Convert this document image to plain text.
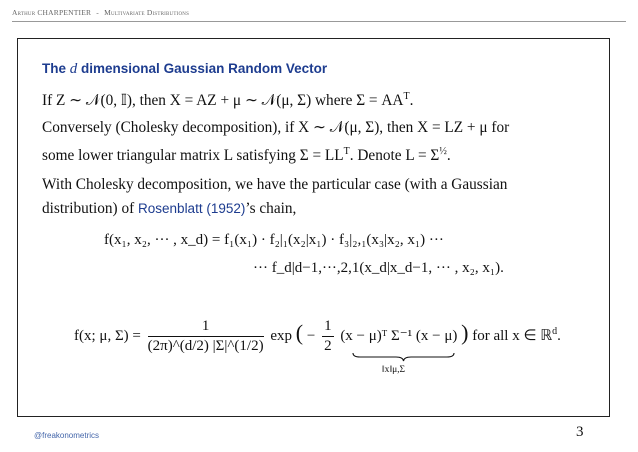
Arthur CHARPENTIER - Multivariate Distributions
The d dimensional Gaussian Random Vector

If Z ∼ 𝒩(0, 𝕀), then X = AZ + μ ∼ 𝒩(μ, Σ) where $\Sigma = AA^T$.

Conversely (Cholesky decomposition), if X ∼ 𝒩(μ, Σ), then X = LZ + μ for

some lower triangular matrix L satisfying $\Sigma = LL^T$. Denote $L = \Sigma^{\frac{1}{2}}$.

With Cholesky decomposition, we have the particular case (with a Gaussian

distribution) of Rosenblatt (1952)’s chain,

f(x₁, x₂, ··· , x_d) = f₁(x₁) · f₂|₁(x₂|x₁) · f₃|₂,₁(x₃|x₂, x₁) ···
··· f_d|d−1,···,2,1(x_d|x_d−1, ··· , x₂, x₁).
f(x; μ, $\Sigma) = \frac{1}{(2\pi)\^{}(d/2) |\Sigma|\^{}(1/2)}$ exp ( − $\frac{1}{2} (x$ − μ)ᵀ Σ⁻¹ (x − μ) ) for all x ∈ ℝ$^d$.
‖x‖μ,Σ
@freakonometrics	3
